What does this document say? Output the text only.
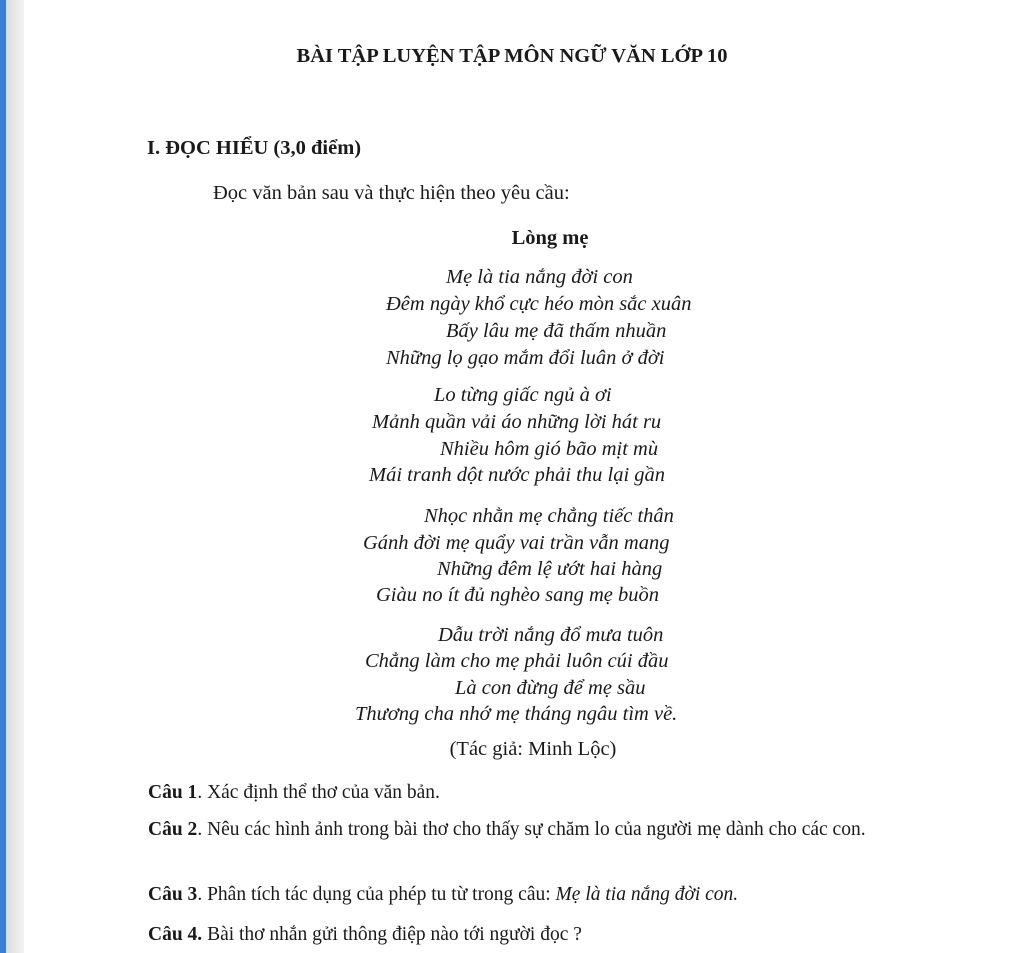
BÀI TẬP LUYỆN TẬP MÔN NGỮ VĂN LỚP 10
I. ĐỌC HIỂU (3,0 điểm)
Đọc văn bản sau và thực hiện theo yêu cầu:
Lòng mẹ
Mẹ là tia nắng đời con
Đêm ngày khổ cực héo mòn sắc xuân
Bấy lâu mẹ đã thấm nhuần
Những lọ gạo mắm đổi luân ở đời
Lo từng giấc ngủ à ơi
Mảnh quần vải áo những lời hát ru
Nhiều hôm gió bão mịt mù
Mái tranh dột nước phải thu lại gần
Nhọc nhằn mẹ chẳng tiếc thân
Gánh đời mẹ quẩy vai trần vẫn mang
Những đêm lệ ướt hai hàng
Giàu no ít đủ nghèo sang mẹ buồn
Dẫu trời nắng đổ mưa tuôn
Chẳng làm cho mẹ phải luôn cúi đầu
Là con đừng để mẹ sầu
Thương cha nhớ mẹ tháng ngâu tìm về.
(Tác giả: Minh Lộc)
Câu 1. Xác định thể thơ của văn bản.
Câu 2. Nêu các hình ảnh trong bài thơ cho thấy sự chăm lo của người mẹ dành cho các con.
Câu 3. Phân tích tác dụng của phép tu từ trong câu: Mẹ là tia nắng đời con.
Câu 4. Bài thơ nhắn gửi thông điệp nào tới người đọc ?
